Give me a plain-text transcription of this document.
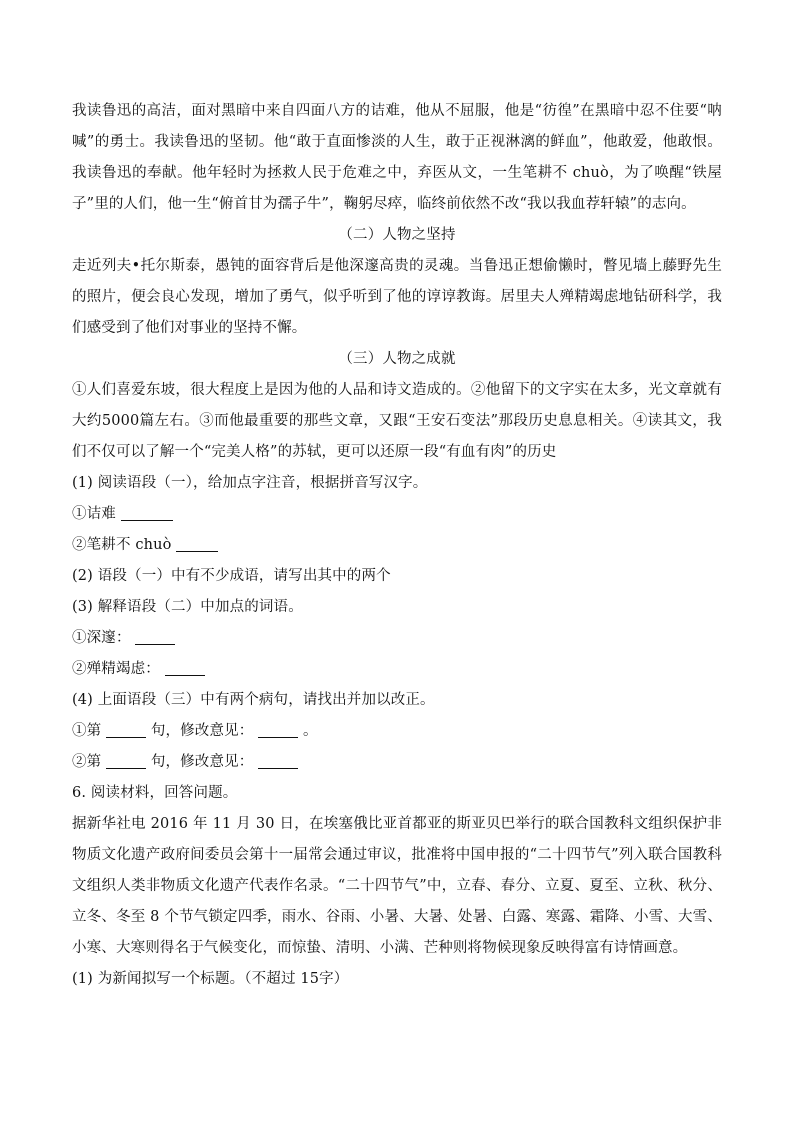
我读鲁迅的高洁，面对黑暗中来自四面八方的诘难，他从不屈服，他是“彷徨”在黑暗中忍不住要“呐喊”的勇士。我读鲁迅的坚韧。他“敢于直面惨淡的人生，敢于正视淋漓的鲜血”，他敢爱，他敢恨。我读鲁迅的奉献。他年轻时为拯救人民于危难之中，弃医从文，一生笔耕不 chuò，为了唤醒“铁屋子”里的人们，他一生“俯首甘为孺子牛”，鞠躬尽瘁，临终前依然不改“我以我血荐轩辕”的志向。

（二）人物之坚持

走近列夫•托尔斯泰，愚钝的面容背后是他深邃高贵的灵魂。当鲁迅正想偷懒时，瞥见墙上藤野先生的照片，便会良心发现，增加了勇气，似乎听到了他的谆谆教诲。居里夫人殚精竭虑地钻研科学，我们感受到了他们对事业的坚持不懈。

（三）人物之成就

①人们喜爱东坡，很大程度上是因为他的人品和诗文造成的。②他留下的文字实在太多，光文章就有大约5000篇左右。③而他最重要的那些文章，又跟“王安石变法”那段历史息息相关。④读其文，我们不仅可以了解一个“完美人格”的苏轼，更可以还原一段“有血有肉”的历史

(1) 阅读语段（一），给加点字注音，根据拼音写汉字。

①诘难

②笔耕不 chuò

(2) 语段（一）中有不少成语，请写出其中的两个

(3) 解释语段（二）中加点的词语。

①深邃：

②殚精竭虑：

(4) 上面语段（三）中有两个病句，请找出并加以改正。

①第	句，修改意见：	。

②第	句，修改意见：

6. 阅读材料，回答问题。

据新华社电 2016 年 11 月 30 日，在埃塞俄比亚首都亚的斯亚贝巴举行的联合国教科文组织保护非物质文化遗产政府间委员会第十一届常会通过审议，批准将中国申报的“二十四节气”列入联合国教科文组织人类非物质文化遗产代表作名录。“二十四节气”中，立春、春分、立夏、夏至、立秋、秋分、立冬、冬至 8 个节气锁定四季，雨水、谷雨、小暑、大暑、处暑、白露、寒露、霜降、小雪、大雪、小寒、大寒则得名于气候变化，而惊蛰、清明、小满、芒种则将物候现象反映得富有诗情画意。

(1) 为新闻拟写一个标题。（不超过 15字）
